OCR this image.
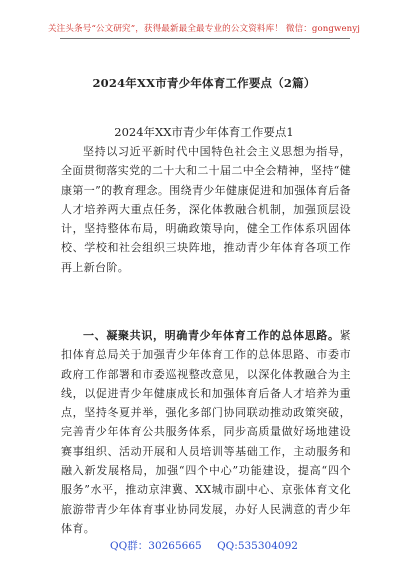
关注头条号“公文研究”，获得最新最全最专业的公文资料库！ 微信：gongwenyj
2024年XX市青少年体育工作要点（2篇）
2024年XX市青少年体育工作要点1

坚持以习近平新时代中国特色社会主义思想为指导，全面贯彻落实党的二十大和二十届二中全会精神，坚持“健康第一”的教育理念。围绕青少年健康促进和加强体育后备人才培养两大重点任务，深化体教融合机制，加强顶层设计，坚持整体布局，明确政策导向，健全工作体系巩固体校、学校和社会组织三块阵地，推动青少年体育各项工作再上新台阶。

一、凝聚共识，明确青少年体育工作的总体思路。紧扣体育总局关于加强青少年体育工作的总体思路、市委市政府工作部署和市委巡视整改意见，以深化体教融合为主线，以促进青少年健康成长和加强体育后备人才培养为重点，坚持冬夏并举，强化多部门协同联动推动政策突破，完善青少年体育公共服务体系，同步高质量做好场地建设赛事组织、活动开展和人员培训等基础工作，主动服务和融入新发展格局，加强“四个中心”功能建设，提高“四个服务”水平，推动京津冀、XX城市副中心、京张体育文化旅游带青少年体育事业协同发展，办好人民满意的青少年体育。

QQ群：30265665 QQ:535304092
